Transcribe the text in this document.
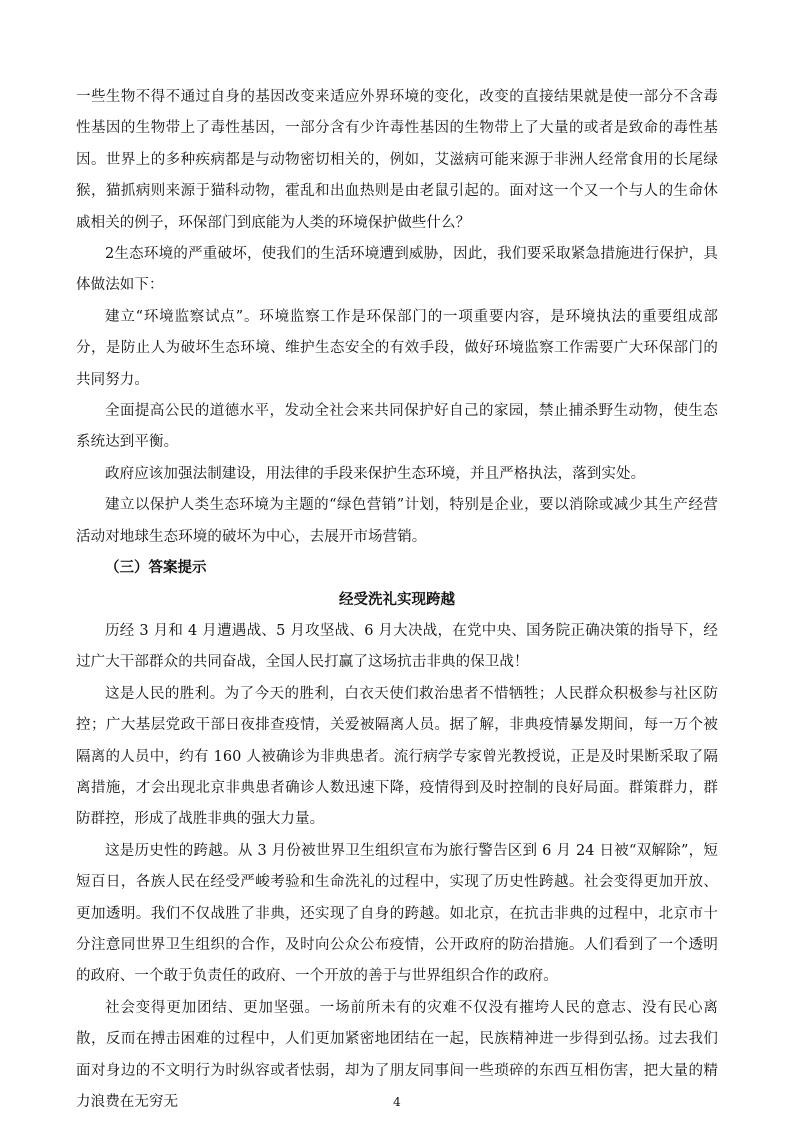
一些生物不得不通过自身的基因改变来适应外界环境的变化，改变的直接结果就是使一部分不含毒性基因的生物带上了毒性基因，一部分含有少许毒性基因的生物带上了大量的或者是致命的毒性基因。世界上的多种疾病都是与动物密切相关的，例如，艾滋病可能来源于非洲人经常食用的长尾绿猴，猫抓病则来源于猫科动物，霍乱和出血热则是由老鼠引起的。面对这一个又一个与人的生命休戚相关的例子，环保部门到底能为人类的环境保护做些什么？

2生态环境的严重破坏，使我们的生活环境遭到威胁，因此，我们要采取紧急措施进行保护，具体做法如下：

建立“环境监察试点”。环境监察工作是环保部门的一项重要内容，是环境执法的重要组成部分，是防止人为破坏生态环境、维护生态安全的有效手段，做好环境监察工作需要广大环保部门的共同努力。

全面提高公民的道德水平，发动全社会来共同保护好自己的家园，禁止捕杀野生动物，使生态系统达到平衡。

政府应该加强法制建设，用法律的手段来保护生态环境，并且严格执法，落到实处。

建立以保护人类生态环境为主题的“绿色营销”计划，特别是企业，要以消除或减少其生产经营活动对地球生态环境的破坏为中心，去展开市场营销。

（三）答案提示

经受洗礼实现跨越

历经 3 月和 4 月遭遇战、5 月攻坚战、6 月大决战，在党中央、国务院正确决策的指导下，经过广大干部群众的共同奋战，全国人民打赢了这场抗击非典的保卫战！

这是人民的胜利。为了今天的胜利，白衣天使们救治患者不惜牺牲；人民群众积极参与社区防控；广大基层党政干部日夜排查疫情，关爱被隔离人员。据了解，非典疫情暴发期间，每一万个被隔离的人员中，约有 160 人被确诊为非典患者。流行病学专家曾光教授说，正是及时果断采取了隔离措施，才会出现北京非典患者确诊人数迅速下降，疫情得到及时控制的良好局面。群策群力，群防群控，形成了战胜非典的强大力量。

这是历史性的跨越。从 3 月份被世界卫生组织宣布为旅行警告区到 6 月 24 日被“双解除”，短短百日，各族人民在经受严峻考验和生命洗礼的过程中，实现了历史性跨越。社会变得更加开放、更加透明。我们不仅战胜了非典，还实现了自身的跨越。如北京，在抗击非典的过程中，北京市十分注意同世界卫生组织的合作，及时向公众公布疫情，公开政府的防治措施。人们看到了一个透明的政府、一个敢于负责任的政府、一个开放的善于与世界组织合作的政府。

社会变得更加团结、更加坚强。一场前所未有的灾难不仅没有摧垮人民的意志、没有民心离散，反而在搏击困难的过程中，人们更加紧密地团结在一起，民族精神进一步得到弘扬。过去我们面对身边的不文明行为时纵容或者怯弱，却为了朋友同事间一些琐碎的东西互相伤害，把大量的精力浪费在无穷无	4
